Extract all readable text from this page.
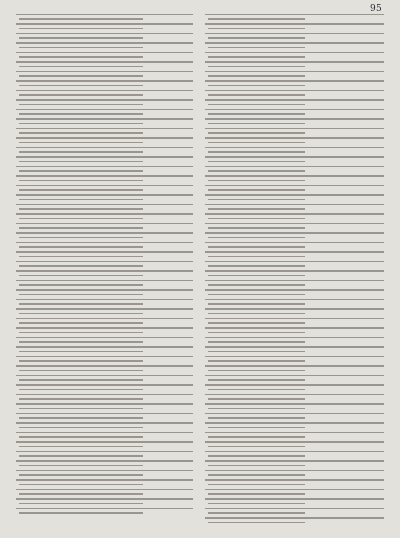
95
